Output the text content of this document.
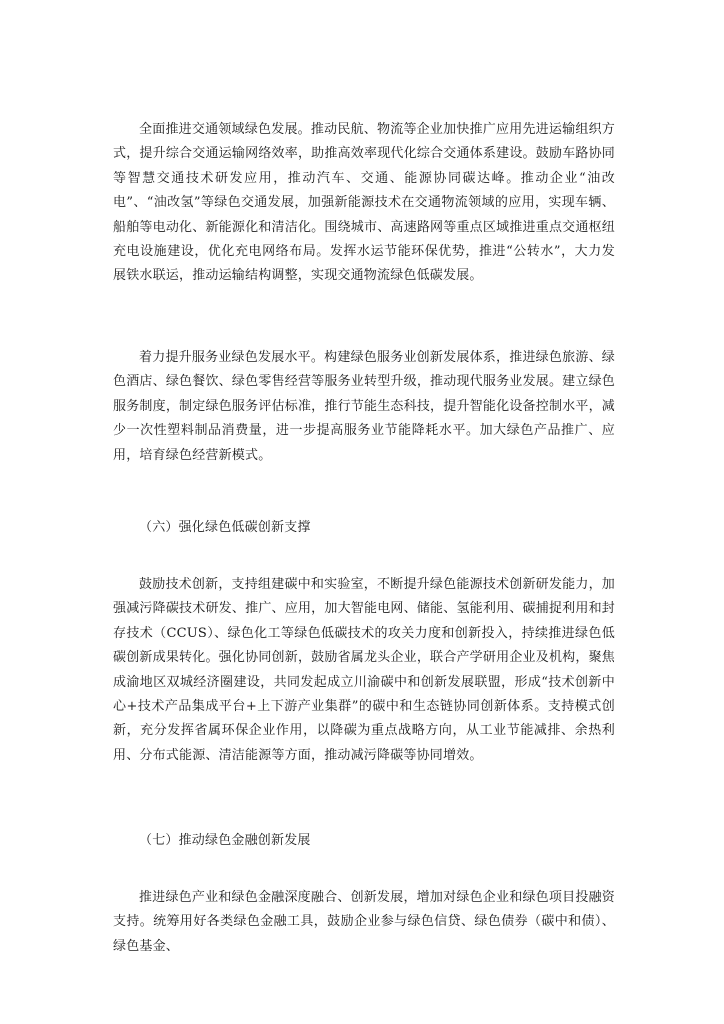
全面推进交通领域绿色发展。推动民航、物流等企业加快推广应用先进运输组织方式，提升综合交通运输网络效率，助推高效率现代化综合交通体系建设。鼓励车路协同等智慧交通技术研发应用，推动汽车、交通、能源协同碳达峰。推动企业“油改电”、“油改氢”等绿色交通发展，加强新能源技术在交通物流领域的应用，实现车辆、船舶等电动化、新能源化和清洁化。围绕城市、高速路网等重点区域推进重点交通枢纽充电设施建设，优化充电网络布局。发挥水运节能环保优势，推进“公转水”，大力发展铁水联运，推动运输结构调整，实现交通物流绿色低碳发展。

着力提升服务业绿色发展水平。构建绿色服务业创新发展体系，推进绿色旅游、绿色酒店、绿色餐饮、绿色零售经营等服务业转型升级，推动现代服务业发展。建立绿色服务制度，制定绿色服务评估标准，推行节能生态科技，提升智能化设备控制水平，减少一次性塑料制品消费量，进一步提高服务业节能降耗水平。加大绿色产品推广、应用，培育绿色经营新模式。

（六）强化绿色低碳创新支撑

鼓励技术创新，支持组建碳中和实验室，不断提升绿色能源技术创新研发能力，加强减污降碳技术研发、推广、应用，加大智能电网、储能、氢能利用、碳捕捉利用和封存技术（CCUS）、绿色化工等绿色低碳技术的攻关力度和创新投入，持续推进绿色低碳创新成果转化。强化协同创新，鼓励省属龙头企业，联合产学研用企业及机构，聚焦成渝地区双城经济圈建设，共同发起成立川渝碳中和创新发展联盟，形成“技术创新中心+技术产品集成平台+上下游产业集群”的碳中和生态链协同创新体系。支持模式创新，充分发挥省属环保企业作用，以降碳为重点战略方向，从工业节能减排、余热利用、分布式能源、清洁能源等方面，推动减污降碳等协同增效。

（七）推动绿色金融创新发展

推进绿色产业和绿色金融深度融合、创新发展，增加对绿色企业和绿色项目投融资支持。统筹用好各类绿色金融工具，鼓励企业参与绿色信贷、绿色债券（碳中和债）、绿色基金、
